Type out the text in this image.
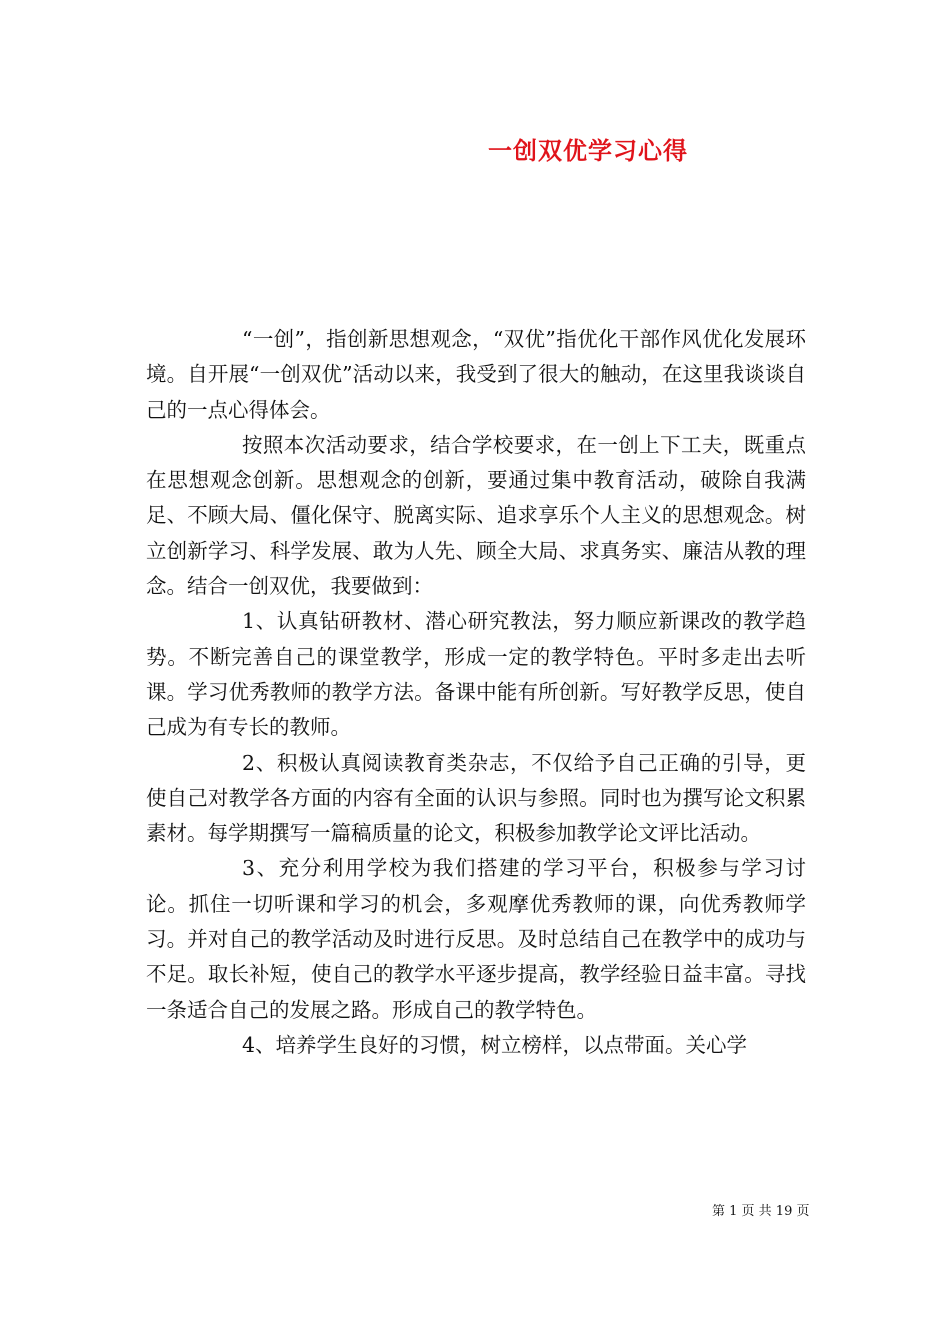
一创双优学习心得

“一创”，指创新思想观念，“双优”指优化干部作风优化发展环境。自开展“一创双优”活动以来，我受到了很大的触动，在这里我谈谈自己的一点心得体会。

按照本次活动要求，结合学校要求，在一创上下工夫，既重点在思想观念创新。思想观念的创新，要通过集中教育活动，破除自我满足、不顾大局、僵化保守、脱离实际、追求享乐个人主义的思想观念。树立创新学习、科学发展、敢为人先、顾全大局、求真务实、廉洁从教的理念。结合一创双优，我要做到：

1、认真钻研教材、潜心研究教法，努力顺应新课改的教学趋势。不断完善自己的课堂教学，形成一定的教学特色。平时多走出去听课。学习优秀教师的教学方法。备课中能有所创新。写好教学反思，使自己成为有专长的教师。

2、积极认真阅读教育类杂志，不仅给予自己正确的引导，更使自己对教学各方面的内容有全面的认识与参照。同时也为撰写论文积累素材。每学期撰写一篇稿质量的论文，积极参加教学论文评比活动。

3、充分利用学校为我们搭建的学习平台，积极参与学习讨论。抓住一切听课和学习的机会，多观摩优秀教师的课，向优秀教师学习。并对自己的教学活动及时进行反思。及时总结自己在教学中的成功与不足。取长补短，使自己的教学水平逐步提高，教学经验日益丰富。寻找一条适合自己的发展之路。形成自己的教学特色。

4、培养学生良好的习惯，树立榜样，以点带面。关心学

第 1 页 共 19 页
